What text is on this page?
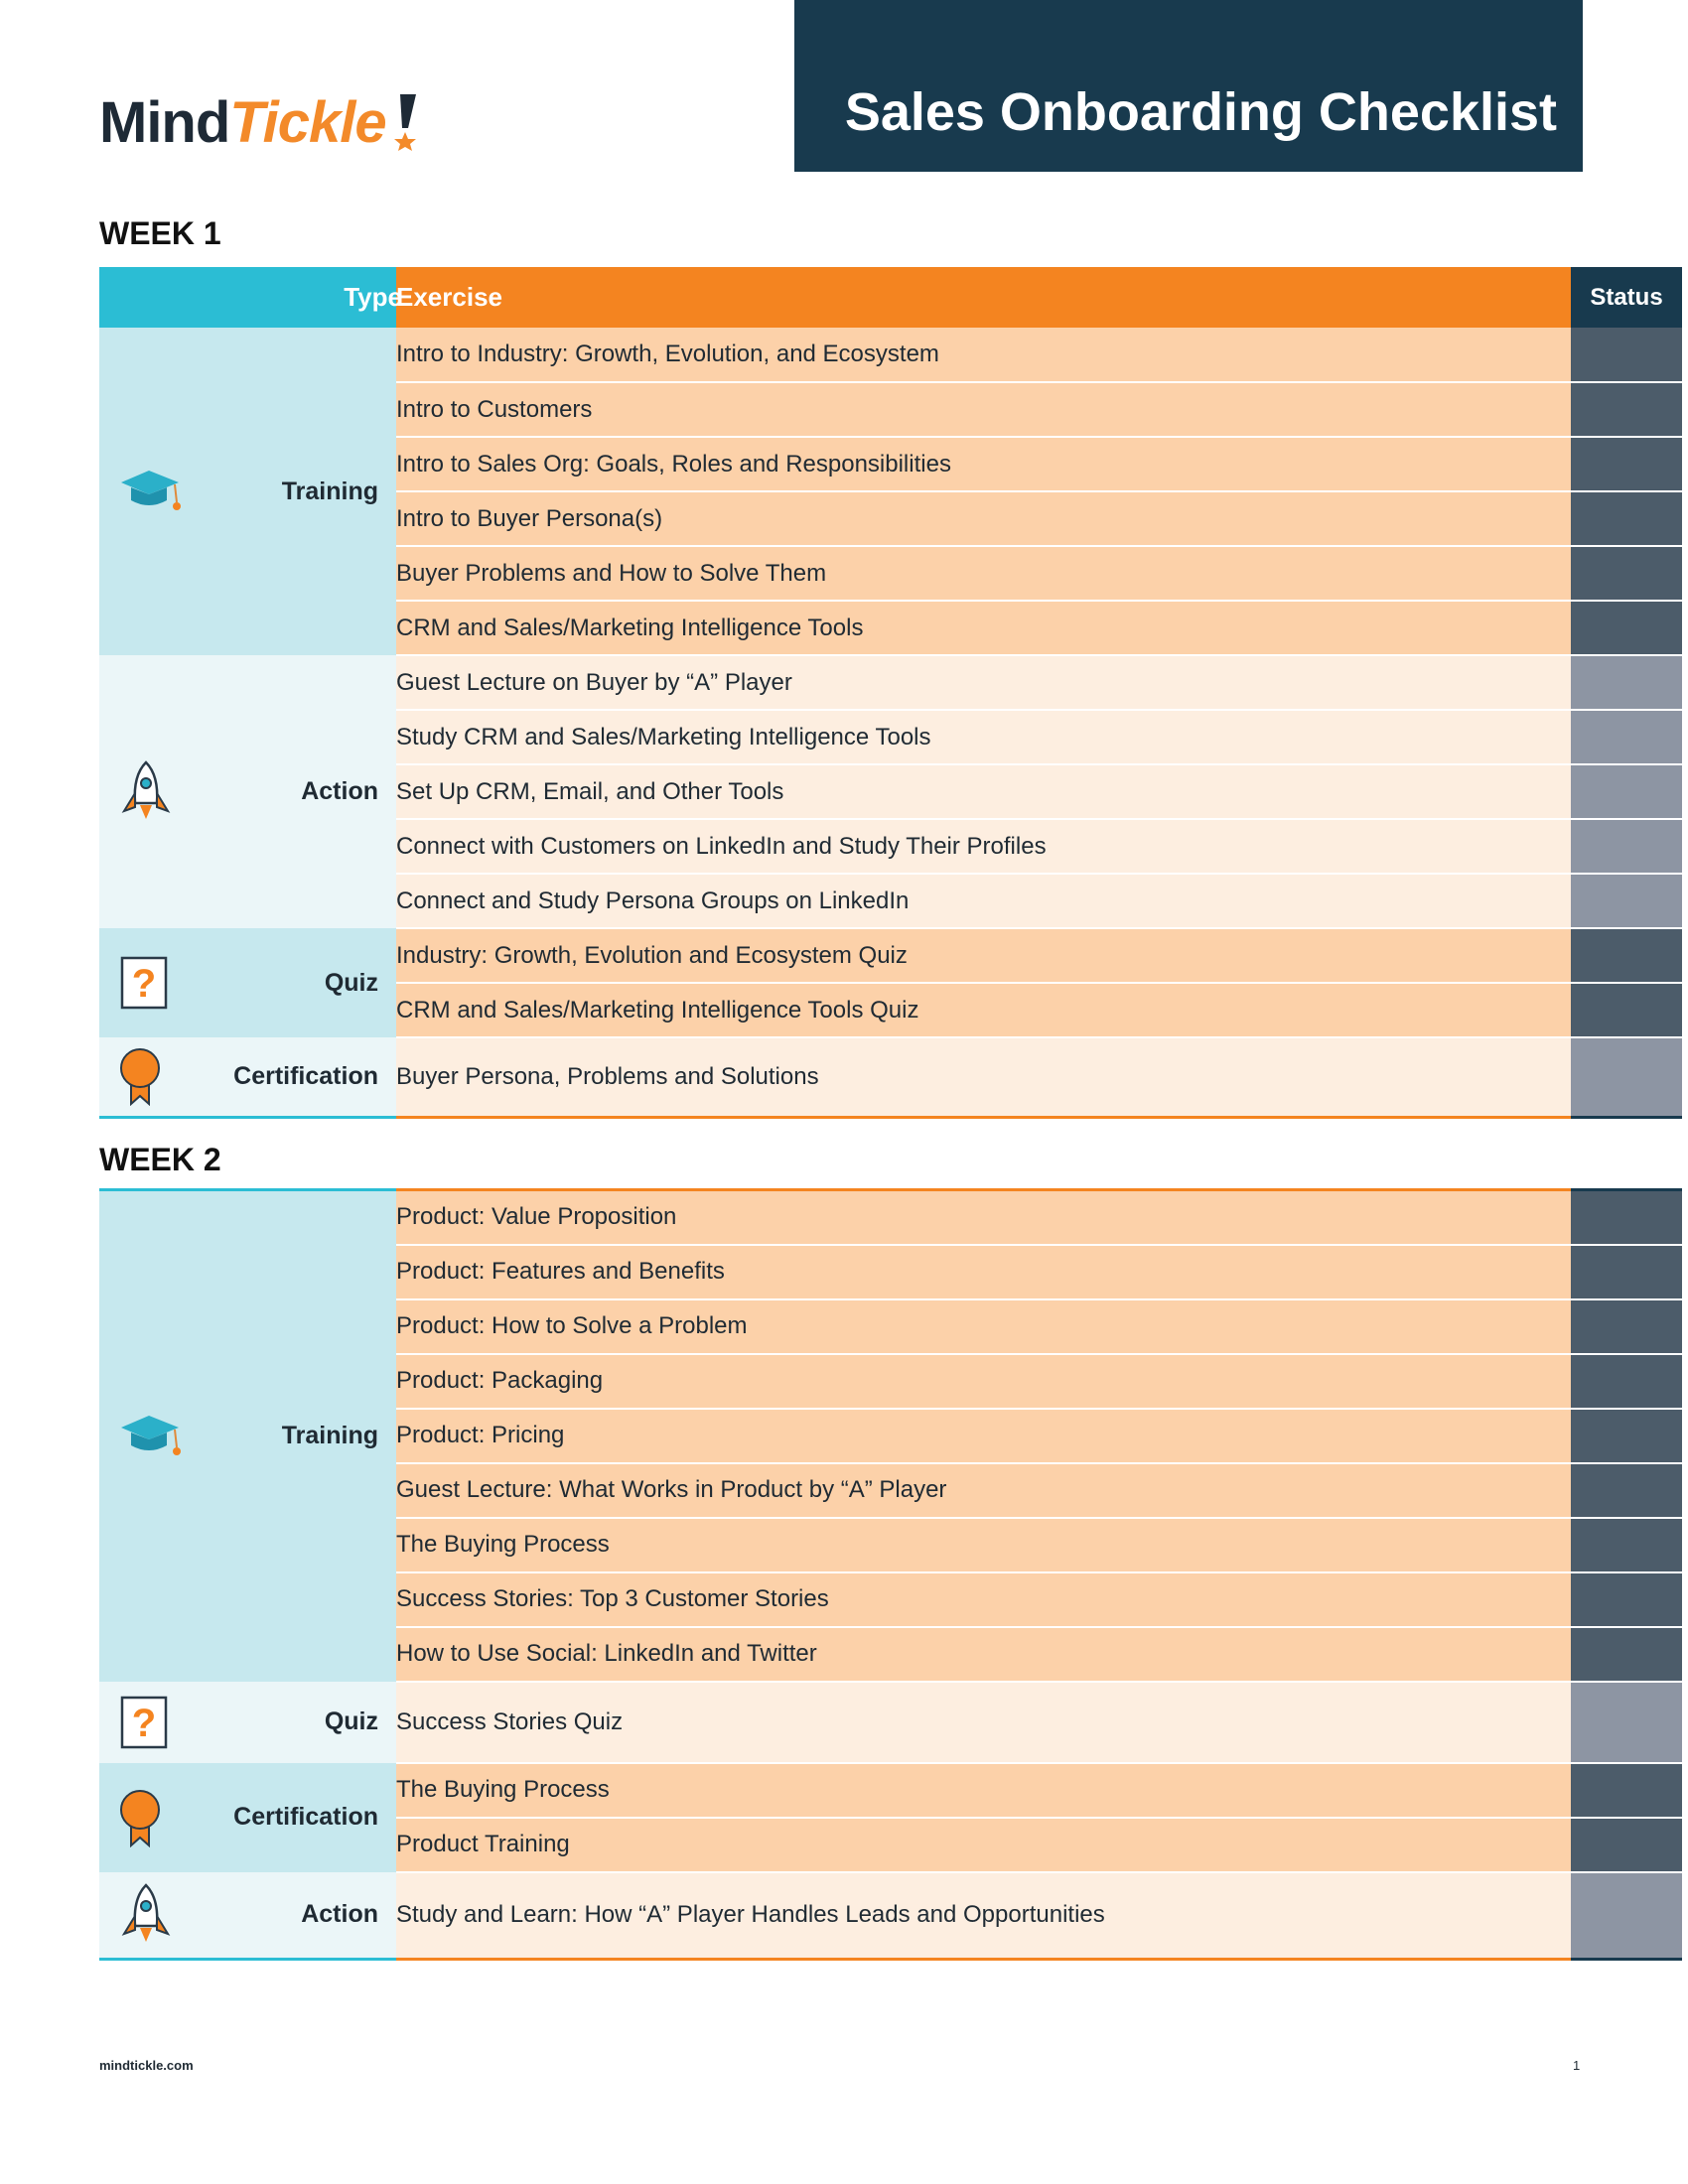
Mind Tickle	Sales Onboarding Checklist
WEEK 1
Type	Exercise	Status

Training	Intro to Industry: Growth, Evolution, and Ecosystem	
	Intro to Customers	
	Intro to Sales Org: Goals, Roles and Responsibilities	
	Intro to Buyer Persona(s)	
	Buyer Problems and How to Solve Them	
	CRM and Sales/Marketing Intelligence Tools	

Action	Guest Lecture on Buyer by “A” Player	
	Study CRM and Sales/Marketing Intelligence Tools	
	Set Up CRM, Email, and Other Tools	
	Connect with Customers on LinkedIn and Study Their Profiles	
	Connect and Study Persona Groups on LinkedIn	

? Quiz	Industry: Growth, Evolution and Ecosystem Quiz	
	CRM and Sales/Marketing Intelligence Tools Quiz	

Certification	Buyer Persona, Problems and Solutions	
WEEK 2
Training	Product: Value Proposition	
	Product: Features and Benefits	
	Product: How to Solve a Problem	
	Product: Packaging	
	Product: Pricing	
	Guest Lecture: What Works in Product by “A” Player	
	The Buying Process	
	Success Stories: Top 3 Customer Stories	
	How to Use Social: LinkedIn and Twitter	

? Quiz	Success Stories Quiz	

Certification	The Buying Process	
	Product Training	

Action	Study and Learn: How “A” Player Handles Leads and Opportunities	
mindtickle.com	1
